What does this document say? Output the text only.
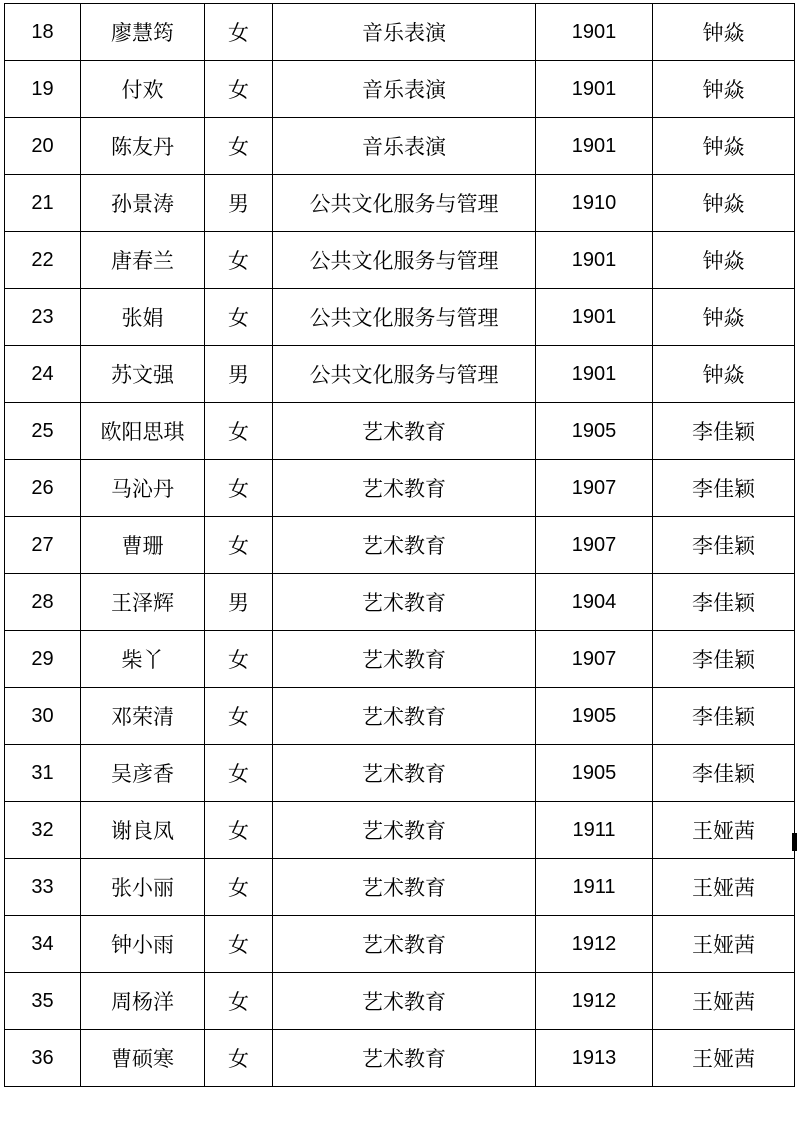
18	廖慧筠	女	音乐表演	1901	钟焱
19	付欢	女	音乐表演	1901	钟焱
20	陈友丹	女	音乐表演	1901	钟焱
21	孙景涛	男	公共文化服务与管理	1910	钟焱
22	唐春兰	女	公共文化服务与管理	1901	钟焱
23	张娟	女	公共文化服务与管理	1901	钟焱
24	苏文强	男	公共文化服务与管理	1901	钟焱
25	欧阳思琪	女	艺术教育	1905	李佳颖
26	马沁丹	女	艺术教育	1907	李佳颖
27	曹珊	女	艺术教育	1907	李佳颖
28	王泽辉	男	艺术教育	1904	李佳颖
29	柴丫	女	艺术教育	1907	李佳颖
30	邓荣清	女	艺术教育	1905	李佳颖
31	吴彦香	女	艺术教育	1905	李佳颖
32	谢良凤	女	艺术教育	1911	王娅茜
33	张小丽	女	艺术教育	1911	王娅茜
34	钟小雨	女	艺术教育	1912	王娅茜
35	周杨洋	女	艺术教育	1912	王娅茜
36	曹硕寒	女	艺术教育	1913	王娅茜
